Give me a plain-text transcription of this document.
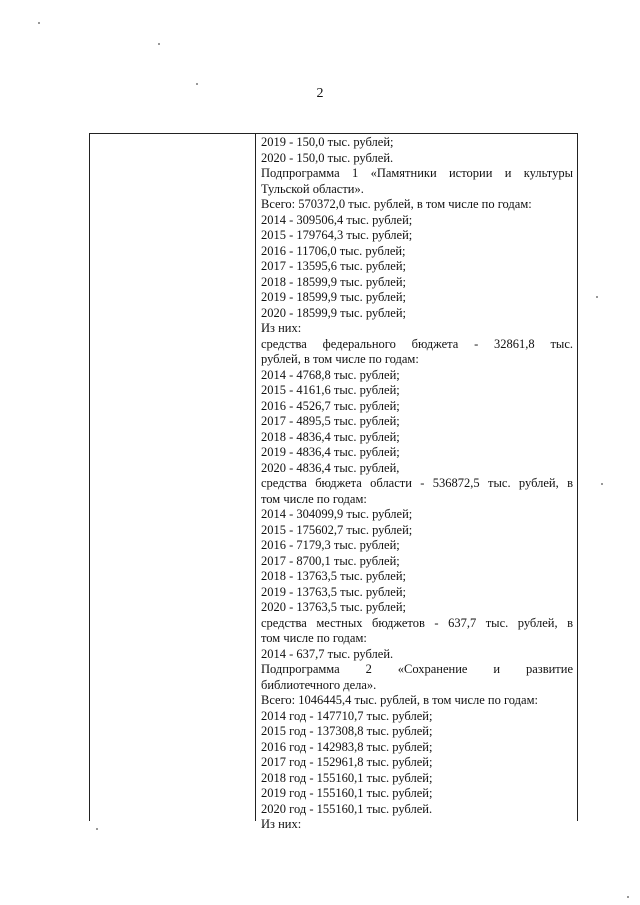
2
2019 - 150,0 тыс. рублей;
2020 - 150,0 тыс. рублей.
Подпрограмма 1 «Памятники истории и культуры
Тульской области».
Всего: 570372,0 тыс. рублей, в том числе по годам:
2014 - 309506,4 тыс. рублей;
2015 - 179764,3 тыс. рублей;
2016 - 11706,0 тыс. рублей;
2017 - 13595,6 тыс. рублей;
2018 - 18599,9 тыс. рублей;
2019 - 18599,9 тыс. рублей;
2020 - 18599,9 тыс. рублей;
Из них:
средства федерального бюджета - 32861,8 тыс.
рублей, в том числе по годам:
2014 - 4768,8 тыс. рублей;
2015 - 4161,6 тыс. рублей;
2016 - 4526,7 тыс. рублей;
2017 - 4895,5 тыс. рублей;
2018 - 4836,4 тыс. рублей;
2019 - 4836,4 тыс. рублей;
2020 - 4836,4 тыс. рублей,
средства бюджета области - 536872,5 тыс. рублей, в
том числе по годам:
2014 - 304099,9 тыс. рублей;
2015 - 175602,7 тыс. рублей;
2016 - 7179,3 тыс. рублей;
2017 - 8700,1 тыс. рублей;
2018 - 13763,5 тыс. рублей;
2019 - 13763,5 тыс. рублей;
2020 - 13763,5 тыс. рублей;
средства местных бюджетов - 637,7 тыс. рублей, в
том числе по годам:
2014 - 637,7 тыс. рублей.
Подпрограмма 2 «Сохранение и развитие
библиотечного дела».
Всего: 1046445,4 тыс. рублей, в том числе по годам:
2014 год - 147710,7 тыс. рублей;
2015 год - 137308,8 тыс. рублей;
2016 год - 142983,8 тыс. рублей;
2017 год - 152961,8 тыс. рублей;
2018 год - 155160,1 тыс. рублей;
2019 год - 155160,1 тыс. рублей;
2020 год - 155160,1 тыс. рублей.
Из них:
